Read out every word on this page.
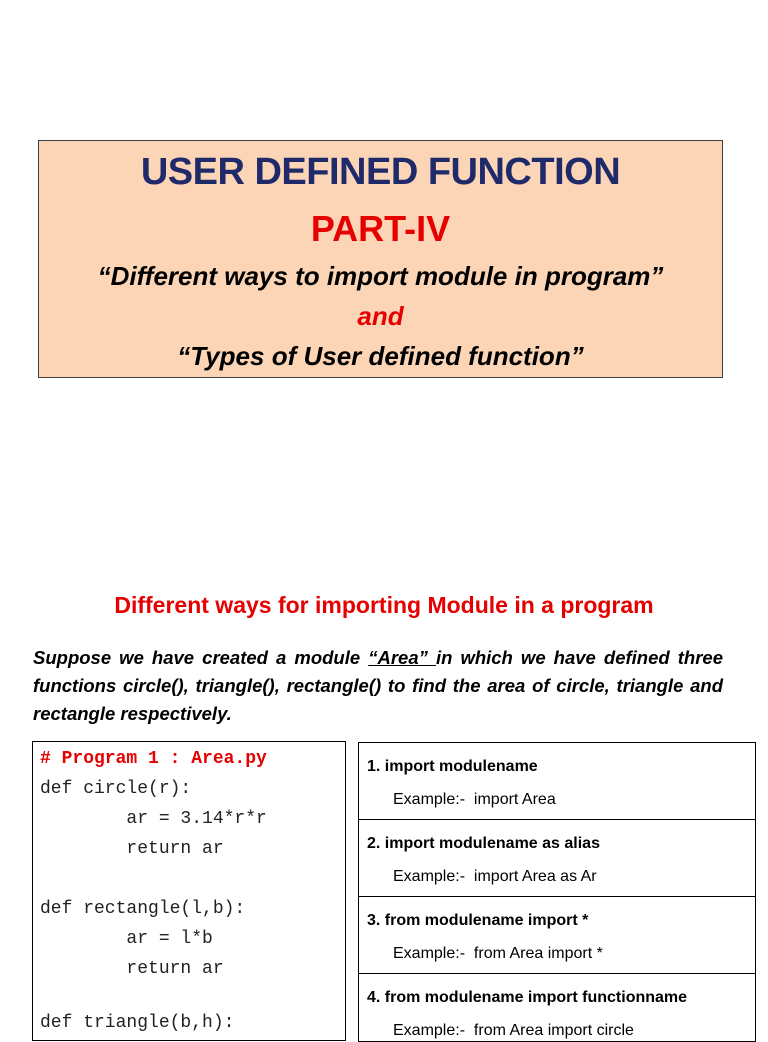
USER DEFINED FUNCTION
PART-IV
“Different ways to import module in program”
and
“Types of User defined function”
Different ways for importing Module in a program
Suppose we have created a module “Area” in which we have defined three functions circle(), triangle(), rectangle() to find the area of circle, triangle and rectangle respectively.
# Program 1 : Area.py
def circle(r):
ar = 3.14*r*r
return ar
def rectangle(l,b):
ar = l*b
return ar
def triangle(b,h):
1. import modulename
Example:-  import Area
2. import modulename as alias
Example:-  import Area as Ar
3. from modulename import *
Example:-  from Area import *
4. from modulename import functionname
Example:-  from Area import circle
